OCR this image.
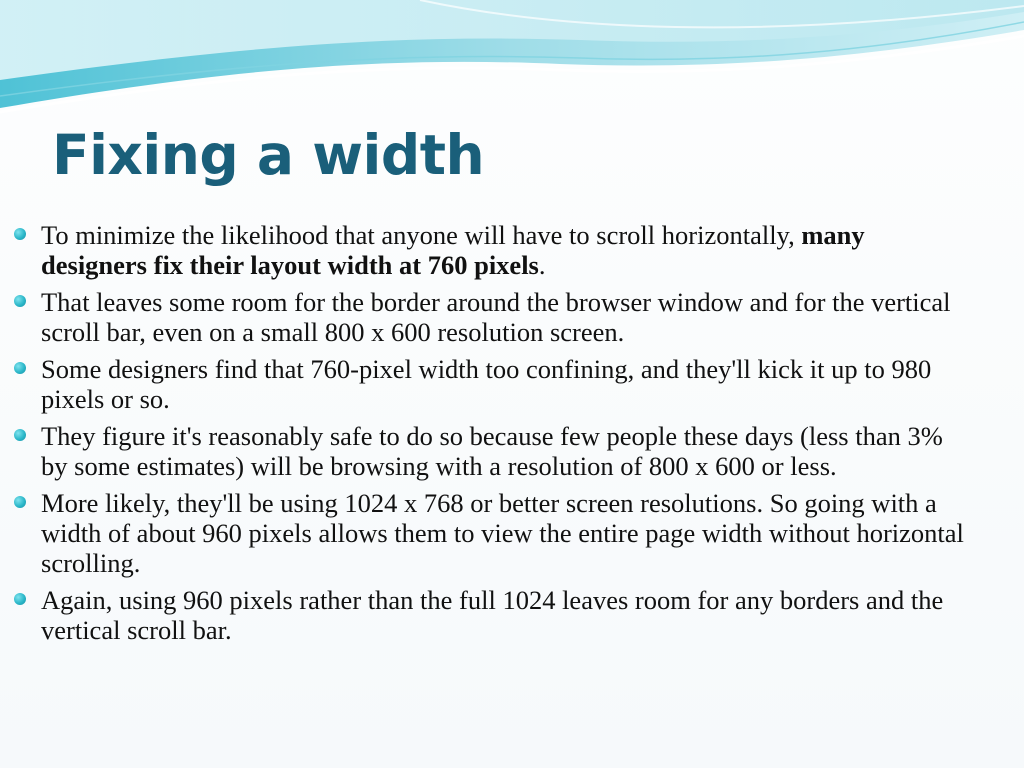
Fixing a width
To minimize the likelihood that anyone will have to scroll horizontally, many designers fix their layout width at 760 pixels.
That leaves some room for the border around the browser window and for the vertical scroll bar, even on a small 800 x 600 resolution screen.
Some designers find that 760-pixel width too confining, and they'll kick it up to 980 pixels or so.
They figure it's reasonably safe to do so because few people these days (less than 3% by some estimates) will be browsing with a resolution of 800 x 600 or less.
More likely, they'll be using 1024 x 768 or better screen resolutions. So going with a width of about 960 pixels allows them to view the entire page width without horizontal scrolling.
Again, using 960 pixels rather than the full 1024 leaves room for any borders and the vertical scroll bar.
